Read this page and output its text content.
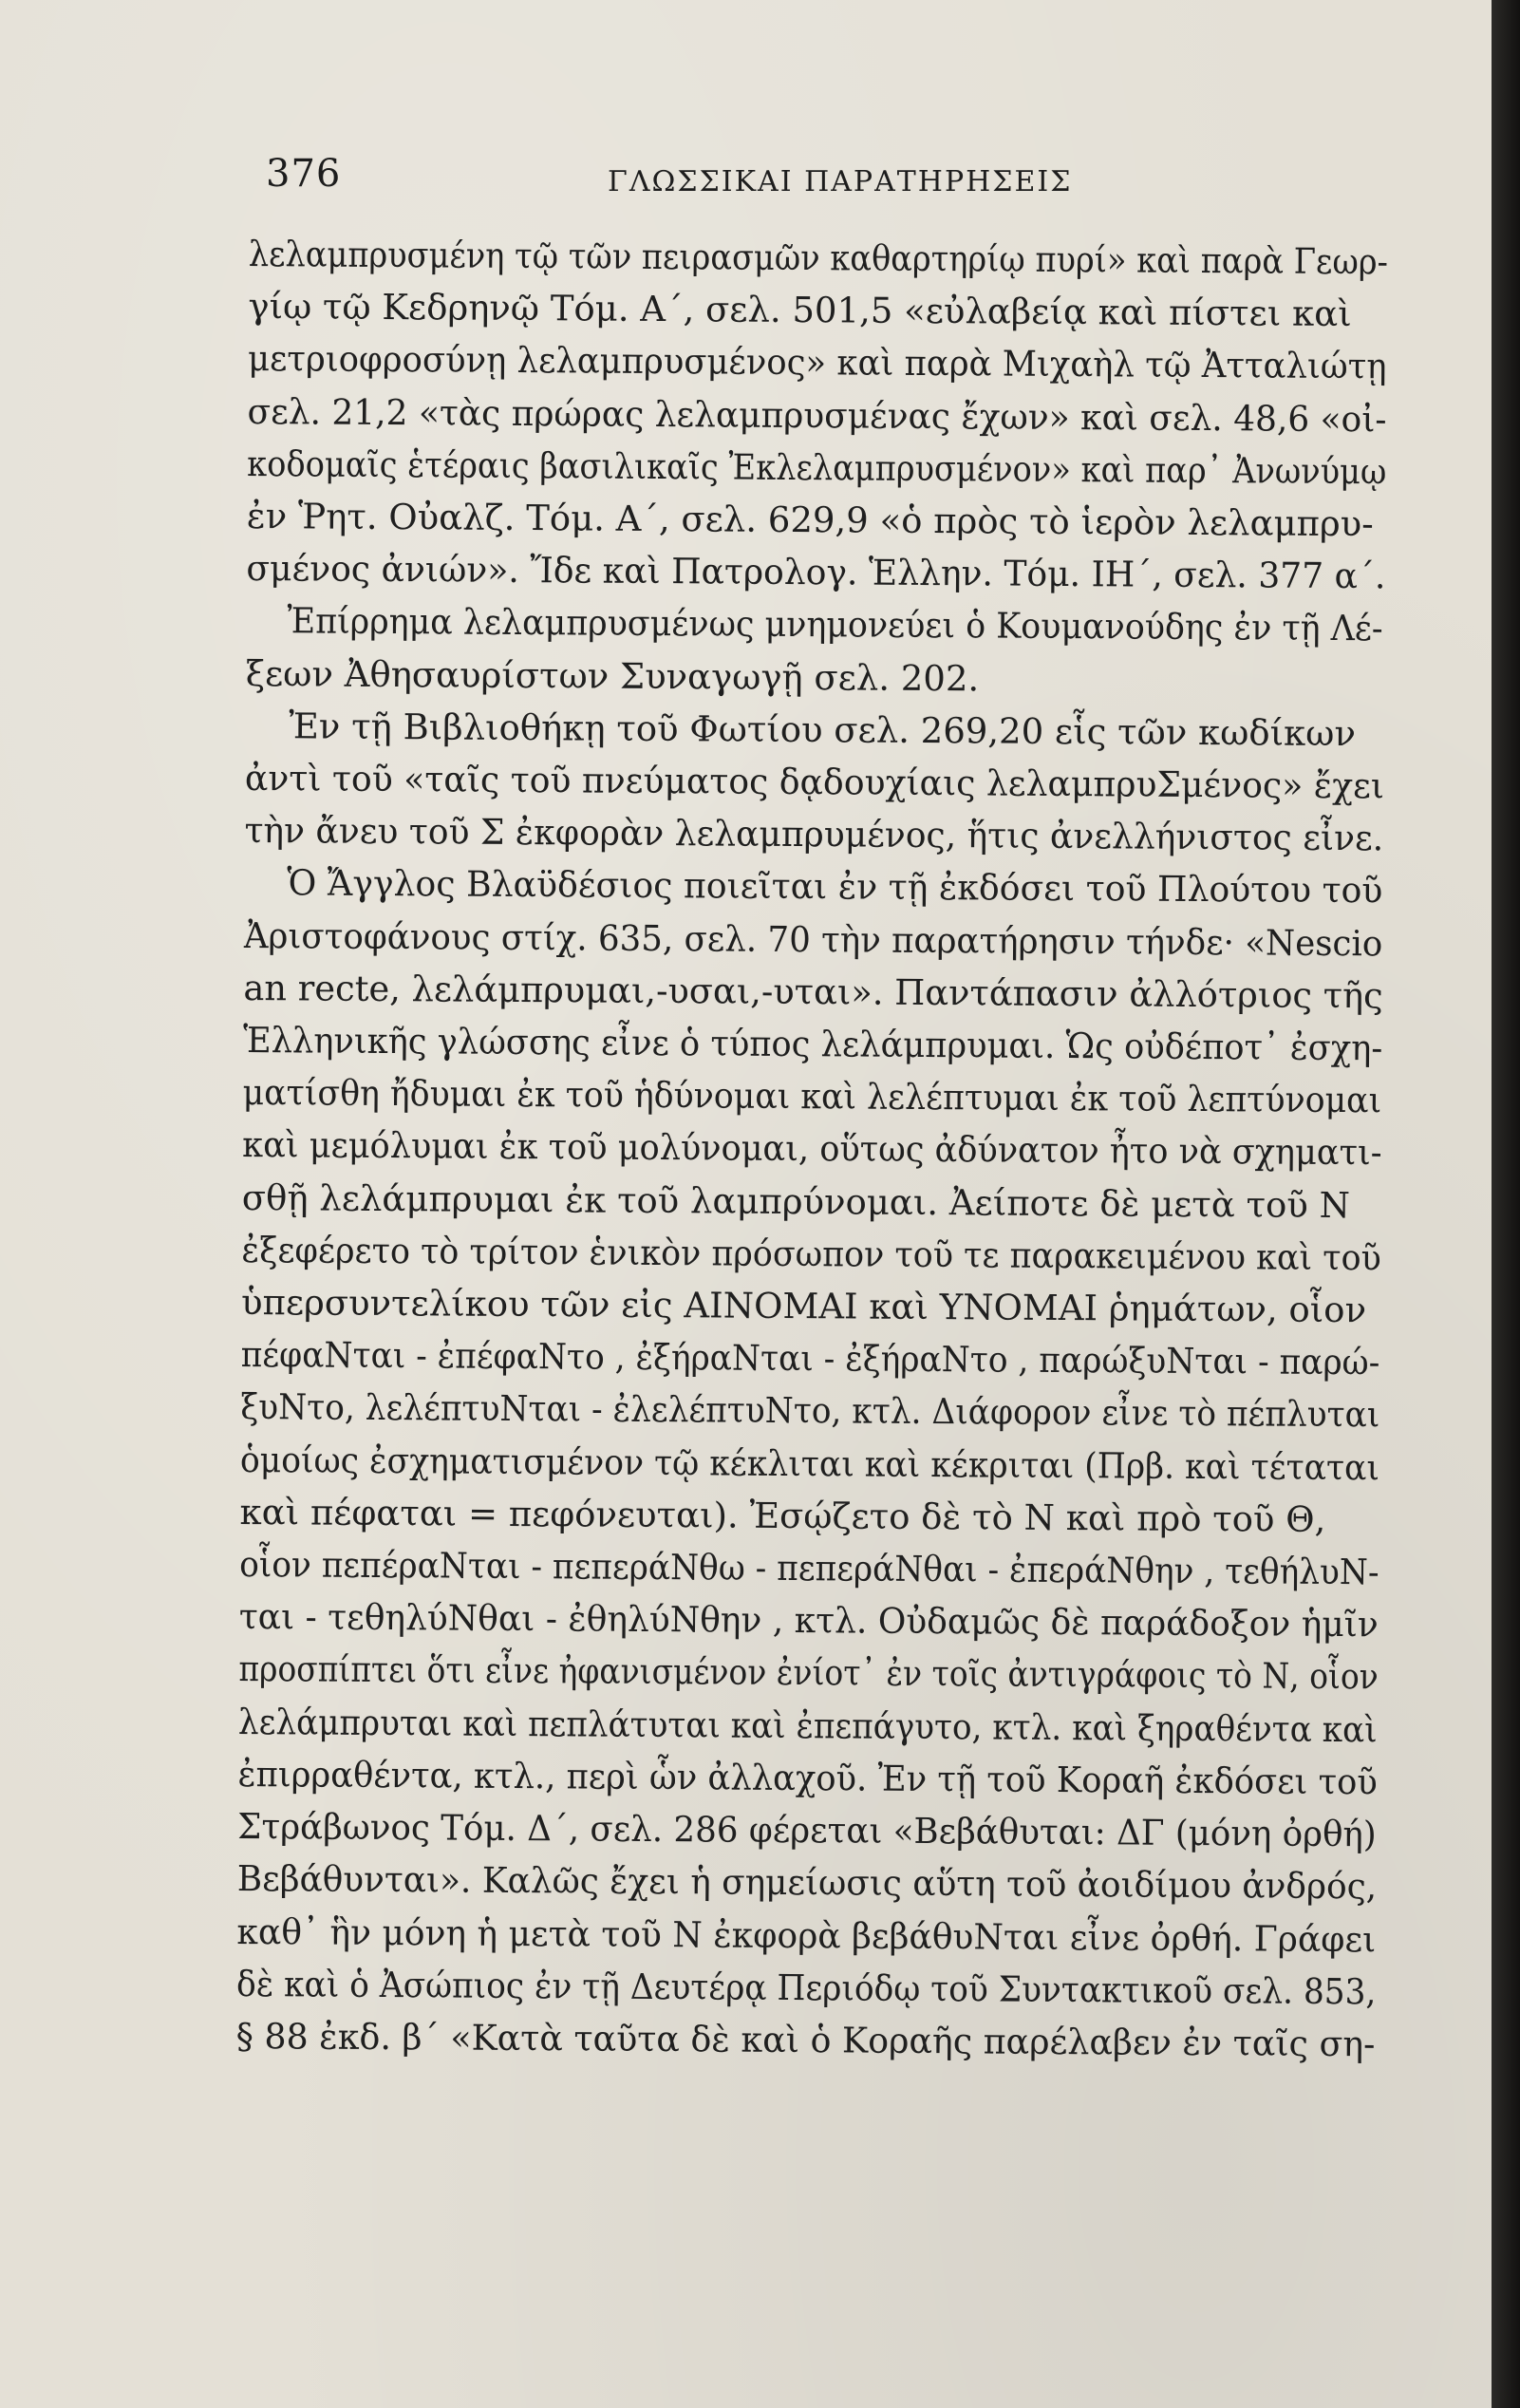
376	ΓΛΩΣΣΙΚΑΙ ΠΑΡΑΤΗΡΗΣΕΙΣ
λελαμπρυσμένη τῷ τῶν πειρασμῶν καθαρτηρίῳ πυρί» καὶ παρὰ Γεωρ-
γίῳ τῷ Κεδρηνῷ Τόμ. Α΄, σελ. 501,5 «εὐλαβείᾳ καὶ πίστει καὶ
μετριοφροσύνῃ λελαμπρυσμένος» καὶ παρὰ Μιχαὴλ τῷ Ἀτταλιώτῃ
σελ. 21,2 «τὰς πρώρας λελαμπρυσμένας ἔχων» καὶ σελ. 48,6 «οἰ-
κοδομαῖς ἑτέραις βασιλικαῖς Ἐκλελαμπρυσμένον» καὶ παρ᾽ Ἀνωνύμῳ
ἐν Ῥητ. Οὐαλζ. Τόμ. Α΄, σελ. 629,9 «ὁ πρὸς τὸ ἱερὸν λελαμπρυ-
σμένος ἀνιών». Ἴδε καὶ Πατρολογ. Ἑλλην. Τόμ. ΙΗ΄, σελ. 377 α΄.
Ἐπίρρημα λελαμπρυσμένως μνημονεύει ὁ Κουμανούδης ἐν τῇ Λέ-
ξεων Ἀθησαυρίστων Συναγωγῇ σελ. 202.
Ἐν τῇ Βιβλιοθήκῃ τοῦ Φωτίου σελ. 269,20 εἷς τῶν κωδίκων
ἀντὶ τοῦ «ταῖς τοῦ πνεύματος δᾳδουχίαις λελαμπρυΣμένος» ἔχει
τὴν ἄνευ τοῦ Σ ἐκφορὰν λελαμπρυμένος, ἥτις ἀνελλήνιστος εἶνε.
Ὁ Ἄγγλος Βλαϋδέσιος ποιεῖται ἐν τῇ ἐκδόσει τοῦ Πλούτου τοῦ
Ἀριστοφάνους στίχ. 635, σελ. 70 τὴν παρατήρησιν τήνδε· «Nescio
an recte, λελάμπρυμαι,-υσαι,-υται». Παντάπασιν ἀλλότριος τῆς
Ἑλληνικῆς γλώσσης εἶνε ὁ τύπος λελάμπρυμαι. Ὡς οὐδέποτ᾽ ἐσχη-
ματίσθη ἤδυμαι ἐκ τοῦ ἡδύνομαι καὶ λελέπτυμαι ἐκ τοῦ λεπτύνομαι
καὶ μεμόλυμαι ἐκ τοῦ μολύνομαι, οὕτως ἀδύνατον ἦτο νὰ σχηματι-
σθῇ λελάμπρυμαι ἐκ τοῦ λαμπρύνομαι. Ἀείποτε δὲ μετὰ τοῦ Ν
ἐξεφέρετο τὸ τρίτον ἑνικὸν πρόσωπον τοῦ τε παρακειμένου καὶ τοῦ
ὑπερσυντελίκου τῶν εἰς ΑΙΝΟΜΑΙ καὶ ΥΝΟΜΑΙ ῥημάτων, οἷον
πέφαΝται - ἐπέφαΝτο , ἐξήραΝται - ἐξήραΝτο , παρώξυΝται - παρώ-
ξυΝτο, λελέπτυΝται - ἐλελέπτυΝτο, κτλ. Διάφορον εἶνε τὸ πέπλυται
ὁμοίως ἐσχηματισμένον τῷ κέκλιται καὶ κέκριται (Πρβ. καὶ τέταται
καὶ πέφαται = πεφόνευται). Ἐσῴζετο δὲ τὸ Ν καὶ πρὸ τοῦ Θ,
οἷον πεπέραΝται - πεπεράΝθω - πεπεράΝθαι - ἐπεράΝθην , τεθήλυΝ-
ται - τεθηλύΝθαι - ἐθηλύΝθην , κτλ. Οὐδαμῶς δὲ παράδοξον ἡμῖν
προσπίπτει ὅτι εἶνε ἠφανισμένον ἐνίοτ᾽ ἐν τοῖς ἀντιγράφοις τὸ Ν, οἷον
λελάμπρυται καὶ πεπλάτυται καὶ ἐπεπάγυτο, κτλ. καὶ ξηραθέντα καὶ
ἐπιρραθέντα, κτλ., περὶ ὧν ἀλλαχοῦ. Ἐν τῇ τοῦ Κοραῆ ἐκδόσει τοῦ
Στράβωνος Τόμ. Δ΄, σελ. 286 φέρεται «Βεβάθυται: ΔΓ (μόνη ὀρθή)
Βεβάθυνται». Καλῶς ἔχει ἡ σημείωσις αὕτη τοῦ ἀοιδίμου ἀνδρός,
καθ᾽ ἣν μόνη ἡ μετὰ τοῦ Ν ἐκφορὰ βεβάθυΝται εἶνε ὀρθή. Γράφει
δὲ καὶ ὁ Ἀσώπιος ἐν τῇ Δευτέρᾳ Περιόδῳ τοῦ Συντακτικοῦ σελ. 853,
§ 88 ἐκδ. β΄ «Κατὰ ταῦτα δὲ καὶ ὁ Κοραῆς παρέλαβεν ἐν ταῖς ση-
